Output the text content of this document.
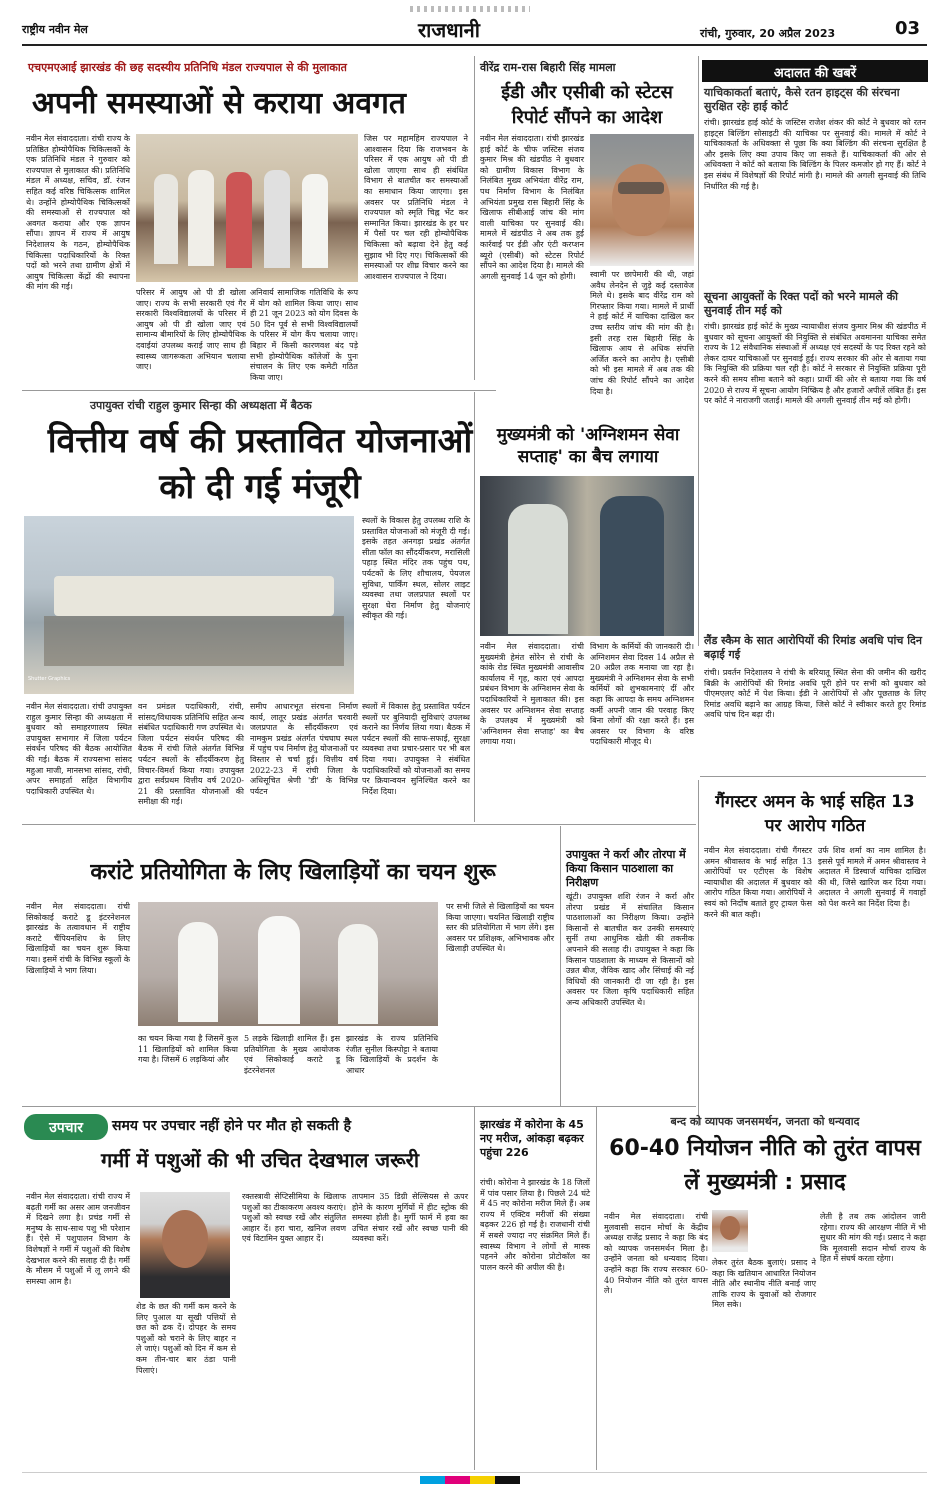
राष्ट्रीय नवीन मेल	राजधानी	रांची, गुरुवार, 20 अप्रैल 2023	03
एचएमएआई झारखंड की छह सदस्यीय प्रतिनिधि मंडल राज्यपाल से की मुलाकात
अपनी समस्याओं से कराया अवगत
नवीन मेल संवाददाता। रांची राज्य के प्रतिष्ठित होम्योपैथिक चिकित्सकों के एक प्रतिनिधि मंडल ने गुरुवार को राज्यपाल से मुलाकात की। प्रतिनिधि मंडल में अध्यक्ष, सचिव, डॉ. रंजन सहित कई वरिष्ठ चिकित्सक शामिल थे। उन्होंने होम्योपैथिक चिकित्सकों की समस्याओं से राज्यपाल को अवगत कराया और एक ज्ञापन सौंपा। ज्ञापन में राज्य में आयुष निदेशालय के गठन, होम्योपैथिक चिकित्सा पदाधिकारियों के रिक्त पदों को भरने तथा ग्रामीण क्षेत्रों में आयुष चिकित्सा केंद्रों की स्थापना की मांग की गई।
परिसर में आयुष ओ पी डी खोला जाए। राज्य के सभी सरकारी एवं गैर सरकारी विश्वविद्यालयों के परिसर में आयुष ओ पी डी खोला जाए एवं सामान्य बीमारियों के लिए होम्योपैथिक दवाईयां उपलब्ध कराई जाए साथ ही स्वास्थ्य जागरूकता अभियान चलाया जाए।
अनिवार्य सामाजिक गतिविधि के रूप में योग को शामिल किया जाए। साथ ही 21 जून 2023 को योग दिवस के 50 दिन पूर्व से सभी विश्वविद्यालयों के परिसर में योग कैंप चलाया जाए। बिहार में किसी कारणवश बंद पड़े सभी होम्योपैथिक कॉलेजों के पुनः संचालन के लिए एक कमेटी गठित किया जाए।
जिस पर महामहिम राज्यपाल ने आश्वासन दिया कि राजभवन के परिसर में एक आयुष ओ पी डी खोला जाएगा साथ ही संबंधित विभाग से बातचीत कर समस्याओं का समाधान किया जाएगा। इस अवसर पर प्रतिनिधि मंडल ने राज्यपाल को स्मृति चिह्न भेंट कर सम्मानित किया। झारखंड के हर घर में पैसों पर चल रही होम्योपैथिक चिकित्सा को बढ़ावा देने हेतु कई सुझाव भी दिए गए। चिकित्सकों की समस्याओं पर शीघ्र विचार करने का आश्वासन राज्यपाल ने दिया।
वीरेंद्र राम-रास बिहारी सिंह मामला
ईडी और एसीबी को स्टेटस रिपोर्ट सौंपने का आदेश
नवीन मेल संवाददाता। रांची झारखंड हाई कोर्ट के चीफ जस्टिस संजय कुमार मिश्र की खंडपीठ ने बुधवार को ग्रामीण विकास विभाग के निलंबित मुख्य अभियंता वीरेंद्र राम, पथ निर्माण विभाग के निलंबित अभियंता प्रमुख रास बिहारी सिंह के खिलाफ सीबीआई जांच की मांग वाली याचिका पर सुनवाई की। मामले में खंडपीठ ने अब तक हुई कार्रवाई पर ईडी और एंटी करप्शन ब्यूरो (एसीबी) को स्टेटस रिपोर्ट सौंपने का आदेश दिया है। मामले की अगली सुनवाई 14 जून को होगी।	स्वामी पर छापेमारी की थी, जहां अवैध लेनदेन से जुड़े कई दस्तावेज मिले थे। इसके बाद वीरेंद्र राम को गिरफ्तार किया गया। मामले में प्रार्थी ने हाई कोर्ट में याचिका दाखिल कर उच्च स्तरीय जांच की मांग की है। इसी तरह रास बिहारी सिंह के खिलाफ आय से अधिक संपत्ति अर्जित करने का आरोप है। एसीबी को भी इस मामले में अब तक की जांच की रिपोर्ट सौंपने का आदेश दिया है।
उपायुक्त रांची राहुल कुमार सिन्हा की अध्यक्षता में बैठक
वित्तीय वर्ष की प्रस्तावित योजनाओं को दी गई मंजूरी
Shutter Graphics
स्थलों के विकास हेतु उपलब्ध राशि के प्रस्तावित योजनाओं को मंजूरी दी गई। इसके तहत अनगड़ा प्रखंड अंतर्गत सीता फॉल का सौंदर्यीकरण, मरासिली पहाड़ स्थित मंदिर तक पहुंच पथ, पर्यटकों के लिए शौचालय, पेयजल सुविधा, पार्किंग स्थल, सोलर लाइट व्यवस्था तथा जलप्रपात स्थलों पर सुरक्षा घेरा निर्माण हेतु योजनाएं स्वीकृत की गई।
नवीन मेल संवाददाता। रांची उपायुक्त राहुल कुमार सिन्हा की अध्यक्षता में बुधवार को समाहरणालय स्थित उपायुक्त सभागार में जिला पर्यटन संवर्धन परिषद की बैठक आयोजित की गई। बैठक में राज्यसभा सांसद महुआ माजी, मानसभा सांसद, रांची, अपर समाहर्ता सहित विभागीय पदाधिकारी उपस्थित थे।
वन प्रमंडल पदाधिकारी, रांची, सांसद/विधायक प्रतिनिधि सहित अन्य संबंधित पदाधिकारी गण उपस्थित थे। जिला पर्यटन संवर्धन परिषद की बैठक में रांची जिले अंतर्गत विभिन्न पर्यटन स्थलों के सौंदर्यीकरण हेतु विचार-विमर्श किया गया। उपायुक्त द्वारा सर्वप्रथम वित्तीय वर्ष 2020-21 की प्रस्तावित योजनाओं की समीक्षा की गई।
समीप आधारभूत संरचना निर्माण कार्य, लातूर प्रखंड अंतर्गत चरवारी जलप्रपात के सौंदर्यीकरण एवं नामकुम प्रखंड अंतर्गत पंचघाघ स्थल में पहुंच पथ निर्माण हेतु योजनाओं पर विस्तार से चर्चा हुई। वित्तीय वर्ष 2022-23 में रांची जिला के अधिसूचित श्रेणी 'डी' के विभिन्न पर्यटन
स्थलों में विकास हेतु प्रस्तावित पर्यटन स्थलों पर बुनियादी सुविधाएं उपलब्ध कराने का निर्णय लिया गया। बैठक में पर्यटन स्थलों की साफ-सफाई, सुरक्षा व्यवस्था तथा प्रचार-प्रसार पर भी बल दिया गया। उपायुक्त ने संबंधित पदाधिकारियों को योजनाओं का समय पर क्रियान्वयन सुनिश्चित करने का निर्देश दिया।
मुख्यमंत्री को 'अग्निशमन सेवा सप्ताह' का बैच लगाया
नवीन मेल संवाददाता। रांची मुख्यमंत्री हेमंत सोरेन से रांची के कांके रोड स्थित मुख्यमंत्री आवासीय कार्यालय में गृह, कारा एवं आपदा प्रबंधन विभाग के अग्निशमन सेवा के पदाधिकारियों ने मुलाकात की। इस अवसर पर अग्निशमन सेवा सप्ताह के उपलक्ष्य में मुख्यमंत्री को 'अग्निशमन सेवा सप्ताह' का बैच लगाया गया।
विभाग के कर्मियों की जानकारी दी। अग्निशमन सेवा दिवस 14 अप्रैल से 20 अप्रैल तक मनाया जा रहा है। मुख्यमंत्री ने अग्निशमन सेवा के सभी कर्मियों को शुभकामनाएं दीं और कहा कि आपदा के समय अग्निशमन कर्मी अपनी जान की परवाह किए बिना लोगों की रक्षा करते हैं। इस अवसर पर विभाग के वरिष्ठ पदाधिकारी मौजूद थे।
अदालत की खबरें
याचिकाकर्ता बताएं, कैसे रतन हाइट्स की संरचना सुरक्षित रहेः हाई कोर्ट
रांची। झारखंड हाई कोर्ट के जस्टिस राजेश शंकर की कोर्ट ने बुधवार को रतन हाइट्स बिल्डिंग सोसाइटी की याचिका पर सुनवाई की। मामले में कोर्ट ने याचिकाकर्ता के अधिवक्ता से पूछा कि क्या बिल्डिंग की संरचना सुरक्षित है और इसके लिए क्या उपाय किए जा सकते हैं। याचिकाकर्ता की ओर से अधिवक्ता ने कोर्ट को बताया कि बिल्डिंग के पिलर कमजोर हो गए हैं। कोर्ट ने इस संबंध में विशेषज्ञों की रिपोर्ट मांगी है। मामले की अगली सुनवाई की तिथि निर्धारित की गई है।
सूचना आयुक्तों के रिक्त पदों को भरने मामले की सुनवाई तीन मई को
रांची। झारखंड हाई कोर्ट के मुख्य न्यायाधीश संजय कुमार मिश्र की खंडपीठ में बुधवार को सूचना आयुक्तों की नियुक्ति से संबंधित अवमानना याचिका समेत राज्य के 12 संवैधानिक संस्थाओं में अध्यक्ष एवं सदस्यों के पद रिक्त रहने को लेकर दायर याचिकाओं पर सुनवाई हुई। राज्य सरकार की ओर से बताया गया कि नियुक्ति की प्रक्रिया चल रही है। कोर्ट ने सरकार से नियुक्ति प्रक्रिया पूरी करने की समय सीमा बताने को कहा। प्रार्थी की ओर से बताया गया कि वर्ष 2020 से राज्य में सूचना आयोग निष्क्रिय है और हजारों अपीलें लंबित हैं। इस पर कोर्ट ने नाराजगी जताई। मामले की अगली सुनवाई तीन मई को होगी।
लैंड स्कैम के सात आरोपियों की रिमांड अवधि पांच दिन बढ़ाई गई
रांची। प्रवर्तन निदेशालय ने रांची के बरियातू स्थित सेना की जमीन की खरीद बिक्री के आरोपियों की रिमांड अवधि पूरी होने पर सभी को बुधवार को पीएमएलए कोर्ट में पेश किया। ईडी ने आरोपियों से और पूछताछ के लिए रिमांड अवधि बढ़ाने का आग्रह किया, जिसे कोर्ट ने स्वीकार करते हुए रिमांड अवधि पांच दिन बढ़ा दी।
गैंगस्टर अमन के भाई सहित 13 पर आरोप गठित
नवीन मेल संवाददाता। रांची गैंगस्टर अमन श्रीवास्तव के भाई सहित 13 आरोपियों पर एटीएस के विशेष न्यायाधीश की अदालत में बुधवार को आरोप गठित किया गया। आरोपियों ने स्वयं को निर्दोष बताते हुए ट्रायल फेस करने की बात कही।
उर्फ शिव शर्मा का नाम शामिल है। इससे पूर्व मामले में अमन श्रीवास्तव ने अदालत में डिस्चार्ज याचिका दाखिल की थी, जिसे खारिज कर दिया गया। अदालत ने अगली सुनवाई में गवाहों को पेश करने का निर्देश दिया है।
उपायुक्त ने कर्रा और तोरपा में किया किसान पाठशाला का निरीक्षण
खूंटी। उपायुक्त शशि रंजन ने कर्रा और तोरपा प्रखंड में संचालित किसान पाठशालाओं का निरीक्षण किया। उन्होंने किसानों से बातचीत कर उनकी समस्याएं सुनीं तथा आधुनिक खेती की तकनीक अपनाने की सलाह दी। उपायुक्त ने कहा कि किसान पाठशाला के माध्यम से किसानों को उन्नत बीज, जैविक खाद और सिंचाई की नई विधियों की जानकारी दी जा रही है। इस अवसर पर जिला कृषि पदाधिकारी सहित अन्य अधिकारी उपस्थित थे।
करांटे प्रतियोगिता के लिए खिलाड़ियों का चयन शुरू
नवीन मेल संवाददाता। रांची सिकोकाई कराटे डू इंटरनेशनल झारखंड के तत्वावधान में राष्ट्रीय कराटे चैंपियनशिप के लिए खिलाड़ियों का चयन शुरू किया गया। इसमें रांची के विभिन्न स्कूलों के खिलाड़ियों ने भाग लिया।
का चयन किया गया है जिसमें कुल 11 खिलाड़ियों को शामिल किया गया है। जिसमें 6 लड़कियां और
5 लड़के खिलाड़ी शामिल हैं। इस प्रतियोगिता के मुख्य आयोजक एवं सिकोकाई कराटे डू इंटरनेशनल
झारखंड के राज्य प्रतिनिधि रंजीत सुनील किस्पोट्टा ने बताया कि खिलाड़ियों के प्रदर्शन के आधार
पर सभी जिले से खिलाड़ियों का चयन किया जाएगा। चयनित खिलाड़ी राष्ट्रीय स्तर की प्रतियोगिता में भाग लेंगे। इस अवसर पर प्रशिक्षक, अभिभावक और खिलाड़ी उपस्थित थे।
उपचार	समय पर उपचार नहीं होने पर मौत हो सकती है
गर्मी में पशुओं की भी उचित देखभाल जरूरी
नवीन मेल संवाददाता। रांची राज्य में बढ़ती गर्मी का असर आम जनजीवन में दिखने लगा है। प्रचंड गर्मी से मनुष्य के साथ-साथ पशु भी परेशान हैं। ऐसे में पशुपालन विभाग के विशेषज्ञों ने गर्मी में पशुओं की विशेष देखभाल करने की सलाह दी है। गर्मी के मौसम में पशुओं में लू लगने की समस्या आम है।
शेड के छत की गर्मी कम करने के लिए पुआल या सूखी पत्तियों से छत को ढक दें। दोपहर के समय पशुओं को चराने के लिए बाहर न ले जाएं। पशुओं को दिन में कम से कम तीन-चार बार ठंडा पानी पिलाएं।
रक्तस्त्रावी सेप्टिसीमिया के खिलाफ पशुओं का टीकाकरण अवश्य कराएं। पशुओं को स्वच्छ रखें और संतुलित आहार दें। हरा चारा, खनिज लवण एवं विटामिन युक्त आहार दें।
तापमान 35 डिग्री सेल्सियस से ऊपर होने के कारण मुर्गियों में हीट स्ट्रोक की समस्या होती है। मुर्गी फार्म में हवा का उचित संचार रखें और स्वच्छ पानी की व्यवस्था करें।
झारखंड में कोरोना के 45 नए मरीज, आंकड़ा बढ़कर पहुंचा 226
रांची। कोरोना ने झारखंड के 18 जिलों में पांव पसार लिया है। पिछले 24 घंटे में 45 नए कोरोना मरीज मिले हैं। अब राज्य में एक्टिव मरीजों की संख्या बढ़कर 226 हो गई है। राजधानी रांची में सबसे ज्यादा नए संक्रमित मिले हैं। स्वास्थ्य विभाग ने लोगों से मास्क पहनने और कोरोना प्रोटोकॉल का पालन करने की अपील की है।
बन्द को व्यापक जनसमर्थन, जनता को धन्यवाद
60-40 नियोजन नीति को तुरंत वापस लें मुख्यमंत्री : प्रसाद
नवीन मेल संवाददाता। रांची मुलवासी सदान मोर्चा के केंद्रीय अध्यक्ष राजेंद्र प्रसाद ने कहा कि बंद को व्यापक जनसमर्थन मिला है। उन्होंने जनता को धन्यवाद दिया। उन्होंने कहा कि राज्य सरकार 60-40 नियोजन नीति को तुरंत वापस ले।
लेकर तुरंत बैठक बुलाएं। प्रसाद ने कहा कि खतियान आधारित नियोजन नीति और स्थानीय नीति बनाई जाए ताकि राज्य के युवाओं को रोजगार मिल सके।
लेती है तब तक आंदोलन जारी रहेगा। राज्य की आरक्षण नीति में भी सुधार की मांग की गई। प्रसाद ने कहा कि मूलवासी सदान मोर्चा राज्य के हित में संघर्ष करता रहेगा।
